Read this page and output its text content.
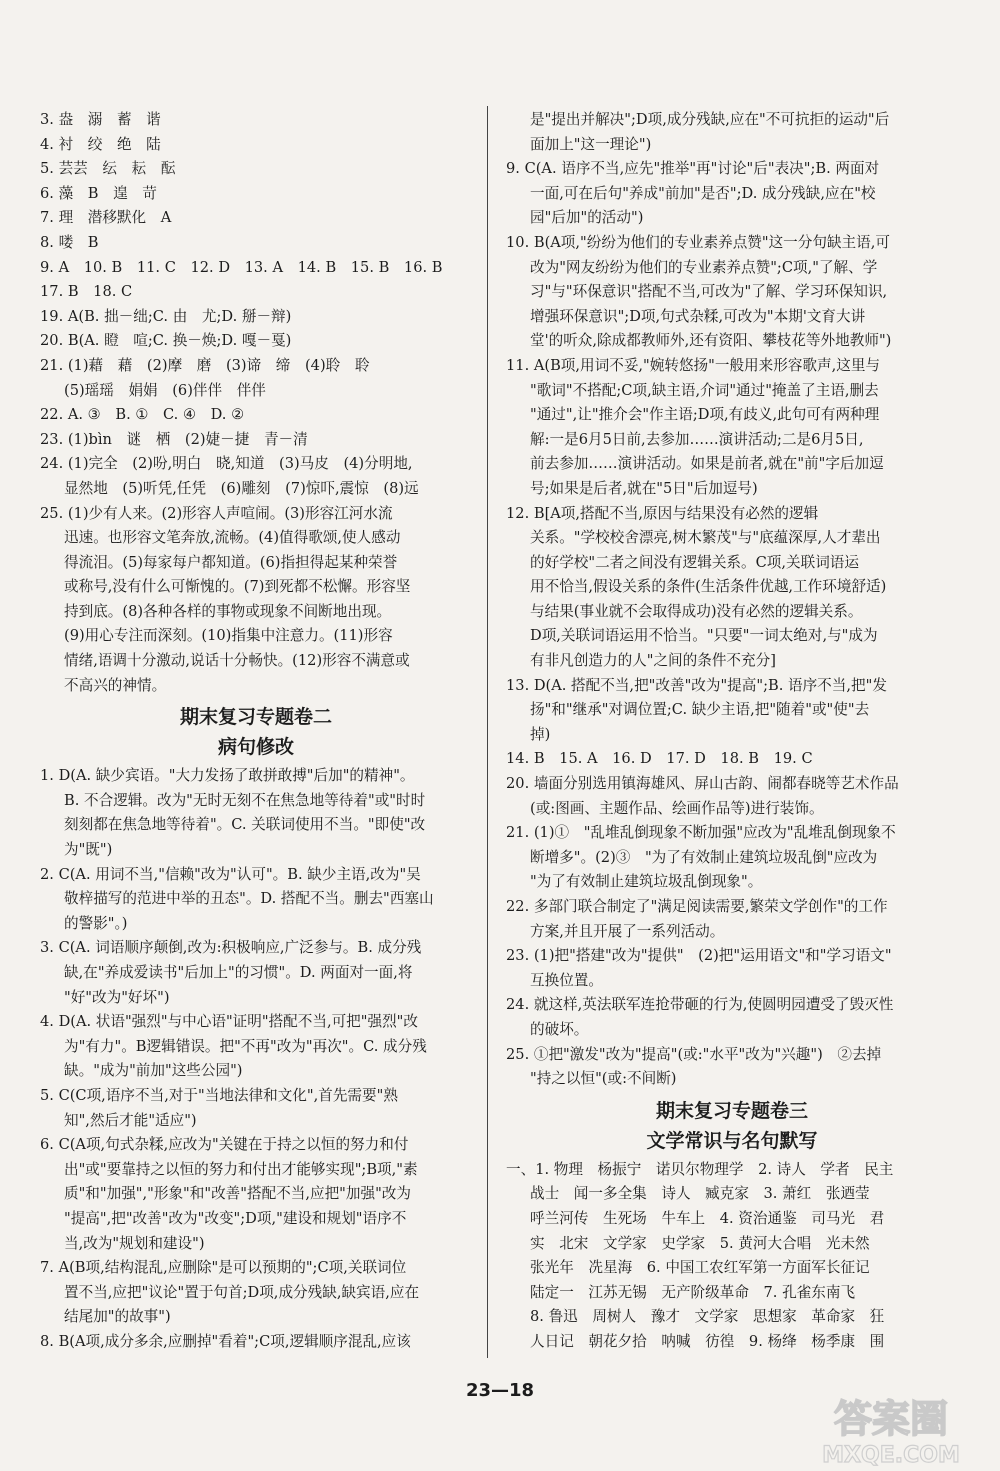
3. 盎　溺　蓄　谐
4. 衬　绞　绝　陆
5. 芸芸　纭　耘　酝
6. 藻　B　遑　苛
7. 理　潜移默化　A
8. 喽　B
9. A　10. B　11. C　12. D　13. A　14. B　15. B　16. B
17. B　18. C
19. A(B. 拙－绌;C. 由　尤;D. 掰－辩)
20. B(A. 瞪　喧;C. 换－焕;D. 嘎－戛)
21. (1)藉　藉　(2)摩　磨　(3)谛　缔　(4)聆　聆
(5)瑶瑶　娟娟　(6)伴伴　伴伴
22. A. ③　B. ①　C. ④　D. ②
23. (1)bìn　谜　栖　(2)婕－捷　青－清
24. (1)完全　(2)吩,明白　晓,知道　(3)马皮　(4)分明地,
显然地　(5)听凭,任凭　(6)雕刻　(7)惊吓,震惊　(8)远
25. (1)少有人来。(2)形容人声喧闹。(3)形容江河水流
迅速。也形容文笔奔放,流畅。(4)值得歌颂,使人感动
得流泪。(5)每家每户都知道。(6)指担得起某种荣誉
或称号,没有什么可惭愧的。(7)到死都不松懈。形容坚
持到底。(8)各种各样的事物或现象不间断地出现。
(9)用心专注而深刻。(10)指集中注意力。(11)形容
情绪,语调十分激动,说话十分畅快。(12)形容不满意或
不高兴的神情。
期末复习专题卷二
病句修改
1. D(A. 缺少宾语。"大力发扬了敢拼敢搏"后加"的精神"。
B. 不合逻辑。改为"无时无刻不在焦急地等待着"或"时时
刻刻都在焦急地等待着"。C. 关联词使用不当。"即使"改
为"既")
2. C(A. 用词不当,"信赖"改为"认可"。B. 缺少主语,改为"吴
敬梓描写的范进中举的丑态"。D. 搭配不当。删去"西塞山
的警影"。)
3. C(A. 词语顺序颠倒,改为:积极响应,广泛参与。B. 成分残
缺,在"养成爱读书"后加上"的习惯"。D. 两面对一面,将
"好"改为"好坏")
4. D(A. 状语"强烈"与中心语"证明"搭配不当,可把"强烈"改
为"有力"。B逻辑错误。把"不再"改为"再次"。C. 成分残
缺。"成为"前加"这些公园")
5. C(C项,语序不当,对于"当地法律和文化",首先需要"熟
知",然后才能"适应")
6. C(A项,句式杂糅,应改为"关键在于持之以恒的努力和付
出"或"要靠持之以恒的努力和付出才能够实现";B项,"素
质"和"加强","形象"和"改善"搭配不当,应把"加强"改为
"提高",把"改善"改为"改变";D项,"建设和规划"语序不
当,改为"规划和建设")
7. A(B项,结构混乱,应删除"是可以预期的";C项,关联词位
置不当,应把"议论"置于句首;D项,成分残缺,缺宾语,应在
结尾加"的故事")
8. B(A项,成分多余,应删掉"看着";C项,逻辑顺序混乱,应该
是"提出并解决";D项,成分残缺,应在"不可抗拒的运动"后
面加上"这一理论")
9. C(A. 语序不当,应先"推举"再"讨论"后"表决";B. 两面对
一面,可在后句"养成"前加"是否";D. 成分残缺,应在"校
园"后加"的活动")
10. B(A项,"纷纷为他们的专业素养点赞"这一分句缺主语,可
改为"网友纷纷为他们的专业素养点赞";C项,"了解、学
习"与"环保意识"搭配不当,可改为"了解、学习环保知识,
增强环保意识";D项,句式杂糅,可改为"本期'文育大讲
堂'的听众,除成都教师外,还有资阳、攀枝花等外地教师")
11. A(B项,用词不妥,"婉转悠扬"一般用来形容歌声,这里与
"歌词"不搭配;C项,缺主语,介词"通过"掩盖了主语,删去
"通过",让"推介会"作主语;D项,有歧义,此句可有两种理
解:一是6月5日前,去参加……演讲活动;二是6月5日,
前去参加……演讲活动。如果是前者,就在"前"字后加逗
号;如果是后者,就在"5日"后加逗号)
12. B[A项,搭配不当,原因与结果没有必然的逻辑
关系。"学校校舍漂亮,树木繁茂"与"底蕴深厚,人才辈出
的好学校"二者之间没有逻辑关系。C项,关联词语运
用不恰当,假设关系的条件(生活条件优越,工作环境舒适)
与结果(事业就不会取得成功)没有必然的逻辑关系。
D项,关联词语运用不恰当。"只要"一词太绝对,与"成为
有非凡创造力的人"之间的条件不充分]
13. D(A. 搭配不当,把"改善"改为"提高";B. 语序不当,把"发
扬"和"继承"对调位置;C. 缺少主语,把"随着"或"使"去
掉)
14. B　15. A　16. D　17. D　18. B　19. C
20. 墙面分别选用镇海雄风、屏山古韵、闹都春晓等艺术作品
(或:图画、主题作品、绘画作品等)进行装饰。
21. (1)①　"乱堆乱倒现象不断加强"应改为"乱堆乱倒现象不
断增多"。(2)③　"为了有效制止建筑垃圾乱倒"应改为
"为了有效制止建筑垃圾乱倒现象"。
22. 多部门联合制定了"满足阅读需要,繁荣文学创作"的工作
方案,并且开展了一系列活动。
23. (1)把"搭建"改为"提供"　(2)把"运用语文"和"学习语文"
互换位置。
24. 就这样,英法联军连抢带砸的行为,使圆明园遭受了毁灭性
的破坏。
25. ①把"激发"改为"提高"(或:"水平"改为"兴趣")　②去掉
"持之以恒"(或:不间断)
期末复习专题卷三
文学常识与名句默写
一、1. 物理　杨振宁　诺贝尔物理学　2. 诗人　学者　民主
战士　闻一多全集　诗人　臧克家　3. 萧红　张迺莹
呼兰河传　生死场　牛车上　4. 资治通鉴　司马光　君
实　北宋　文学家　史学家　5. 黄河大合唱　光未然
张光年　冼星海　6. 中国工农红军第一方面军长征记
陆定一　江苏无锡　无产阶级革命　7. 孔雀东南飞
8. 鲁迅　周树人　豫才　文学家　思想家　革命家　狂
人日记　朝花夕拾　呐喊　彷徨　9. 杨绛　杨季康　围
23—18
答案圈
MXQE.COM
